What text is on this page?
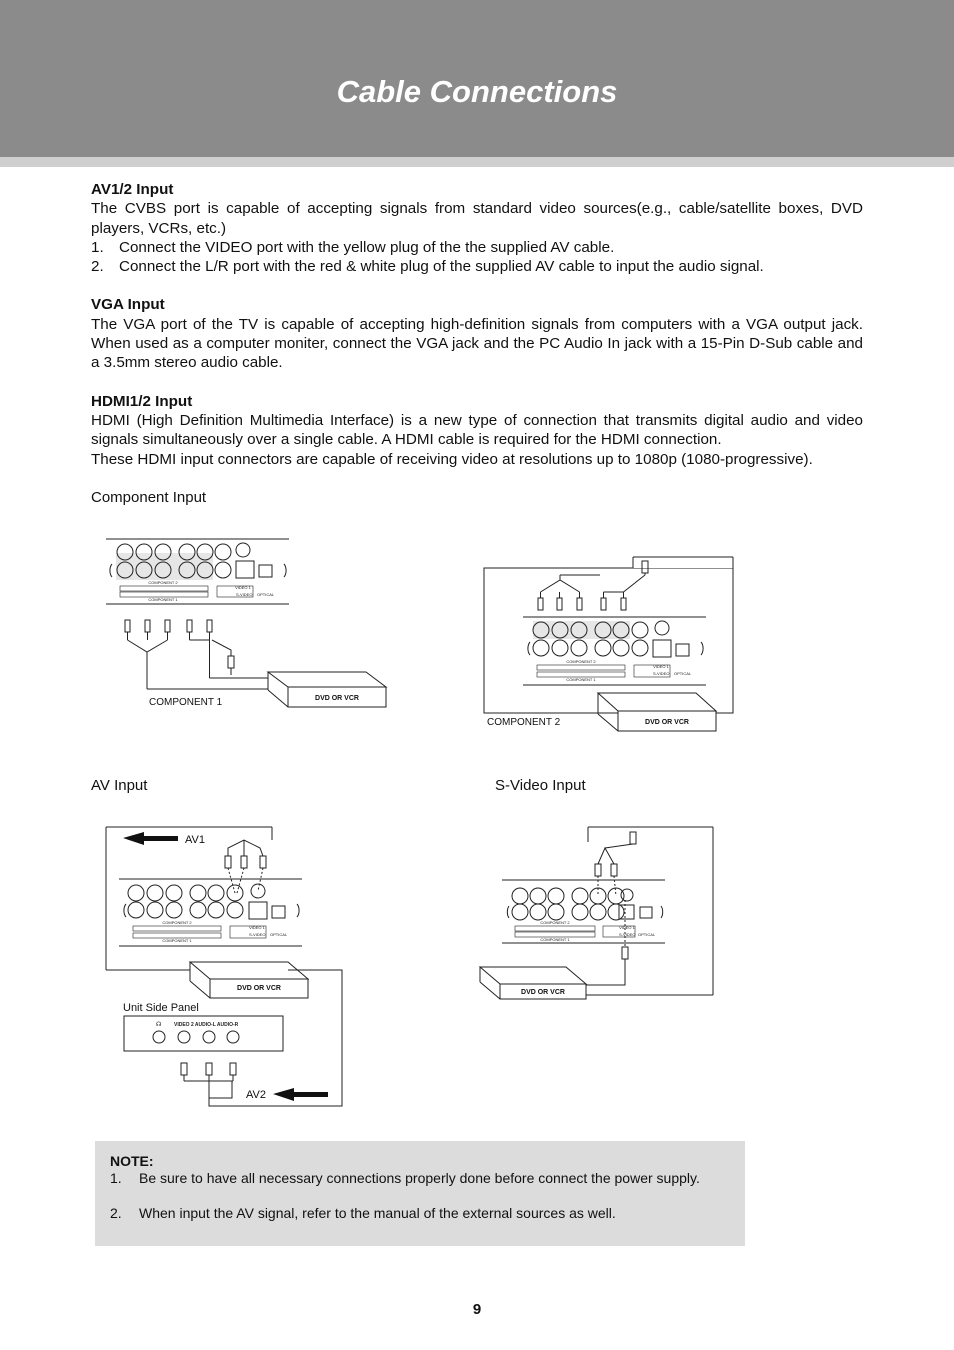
Cable Connections
AV1/2 Input

The CVBS port is capable of accepting signals from standard video sources(e.g., cable/satellite boxes, DVD players, VCRs, etc.)

1. Connect the VIDEO port with the yellow plug of the the supplied AV cable.
2. Connect the L/R port with the red & white plug of the supplied AV cable to input the audio signal.
VGA Input

The VGA port of the TV is capable of accepting high-definition signals from computers with a VGA output jack. When used as a computer moniter, connect the VGA jack and the PC Audio In jack with a 15-Pin D-Sub cable and a 3.5mm stereo audio cable.

HDMI1/2 Input

HDMI (High Definition Multimedia Interface) is a new type of connection that transmits digital audio and video signals simultaneously over a single cable. A HDMI cable is required for the HDMI connection.

These HDMI input connectors are capable of receiving video at resolutions up to 1080p (1080-progressive).

Component Input
AV Input	S-Video Input
COMPONENT 2
COMPONENT 1
VIDEO 1
S-VIDEO OPTICAL
COMPONENT 2
COMPONENT 1
VIDEO 1
S-VIDEO OPTICAL
COMPONENT 2
COMPONENT 1
VIDEO 1
S-VIDEO OPTICAL
☊	VIDEO 2 AUDIO-L AUDIO-R
COMPONENT 2
COMPONENT 1
VIDEO 1
S-VIDEO OPTICAL
COMPONENT 1
COMPONENT 2
DVD OR VCR
DVD OR VCR
DVD OR VCR
DVD OR VCR
AV1
AV2
Unit Side Panel
NOTE:
1. Be sure to have all necessary connections properly done before connect the power supply.
2. When input the AV signal, refer to the manual of the external sources as well.
9
